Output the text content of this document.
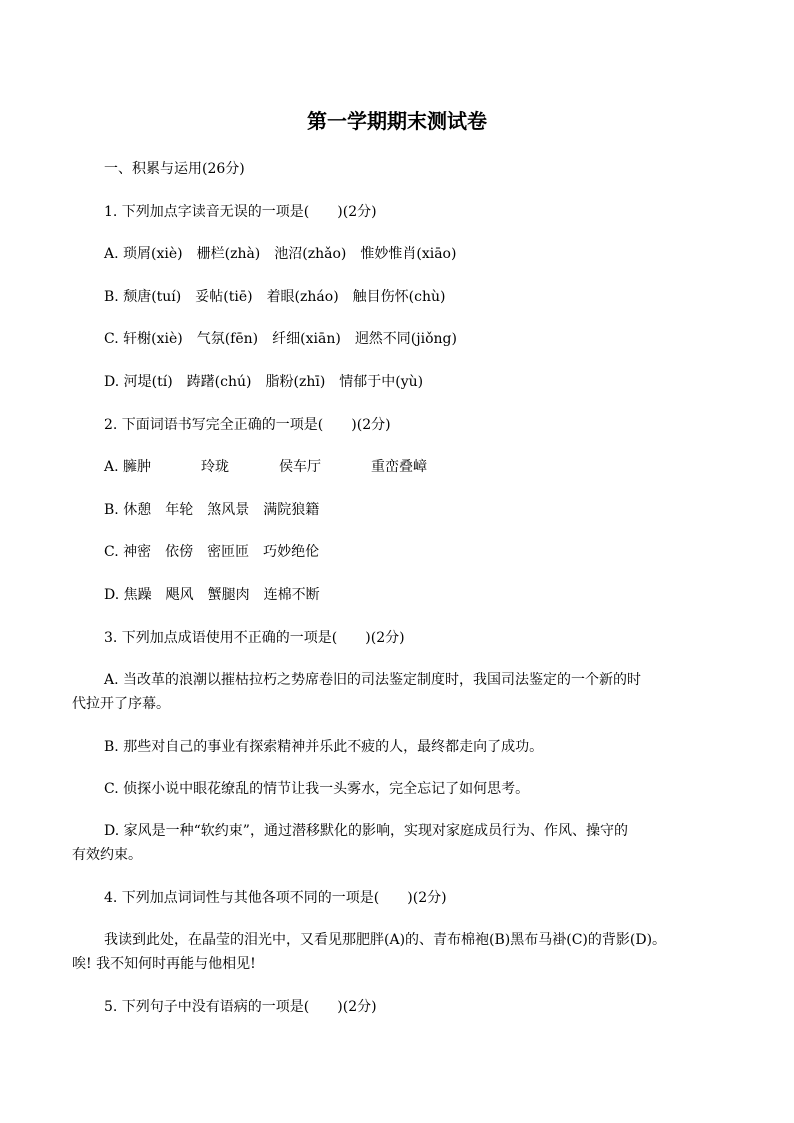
第一学期期末测试卷
一、积累与运用(26分)
1. 下列加点字读音无误的一项是(　　)(2分)
A. 琐屑(xiè) 栅栏(zhà) 池沼(zhǎo) 惟妙惟肖(xiāo)
B. 颓唐(tuí) 妥帖(tiē) 着眼(zháo) 触目伤怀(chù)
C. 轩榭(xiè) 气氛(fēn) 纤细(xiān) 迥然不同(jiǒng)
D. 河堤(tí) 踌躇(chú) 脂粉(zhī) 情郁于中(yù)
2. 下面词语书写完全正确的一项是(　　)(2分)
A. 臃肿	玲珑	侯车厅	重峦叠嶂
B. 休憩 年轮 煞风景 满院狼籍
C. 神密 依傍 密匝匝 巧妙绝伦
D. 焦躁 飓风 蟹腿肉 连棉不断
3. 下列加点成语使用不正确的一项是(　　)(2分)
A. 当改革的浪潮以摧枯拉朽之势席卷旧的司法鉴定制度时，我国司法鉴定的一个新的时
代拉开了序幕。
B. 那些对自己的事业有探索精神并乐此不疲的人，最终都走向了成功。
C. 侦探小说中眼花缭乱的情节让我一头雾水，完全忘记了如何思考。
D. 家风是一种“软约束”，通过潜移默化的影响，实现对家庭成员行为、作风、操守的
有效约束。
4. 下列加点词词性与其他各项不同的一项是(　　)(2分)
我读到此处，在晶莹的泪光中，又看见那肥胖(A)的、青布棉袍(B)黑布马褂(C)的背影(D)。
唉! 我不知何时再能与他相见!
5. 下列句子中没有语病的一项是(　　)(2分)
